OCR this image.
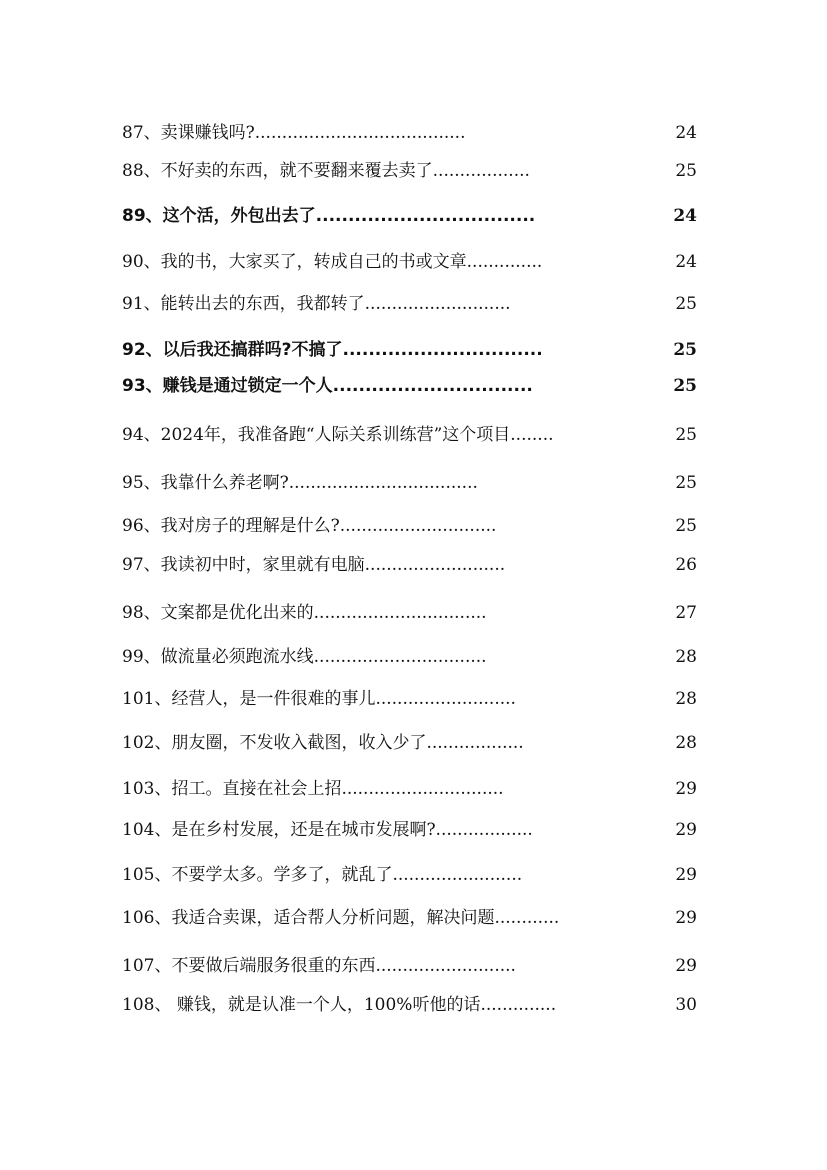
87、卖课赚钱吗?.......................................	24
88、不好卖的东西，就不要翻来覆去卖了..................	25
89、这个活，外包出去了..................................	24
90、我的书，大家买了，转成自己的书或文章..............	24
91、能转出去的东西，我都转了...........................	25
92、以后我还搞群吗?不搞了...............................	25
93、赚钱是通过锁定一个人...............................	25
94、2024年，我准备跑“人际关系训练营”这个项目........	25
95、我靠什么养老啊?...................................	25
96、我对房子的理解是什么?.............................	25
97、我读初中时，家里就有电脑..........................	26
98、文案都是优化出来的................................	27
99、做流量必须跑流水线................................	28
101、经营人，是一件很难的事儿..........................	28
102、朋友圈，不发收入截图，收入少了..................	28
103、招工。直接在社会上招..............................	29
104、是在乡村发展，还是在城市发展啊?..................	29
105、不要学太多。学多了，就乱了........................	29
106、我适合卖课，适合帮人分析问题，解决问题............	29
107、不要做后端服务很重的东西..........................	29
108、 赚钱，就是认准一个人，100%听他的话..............	30
